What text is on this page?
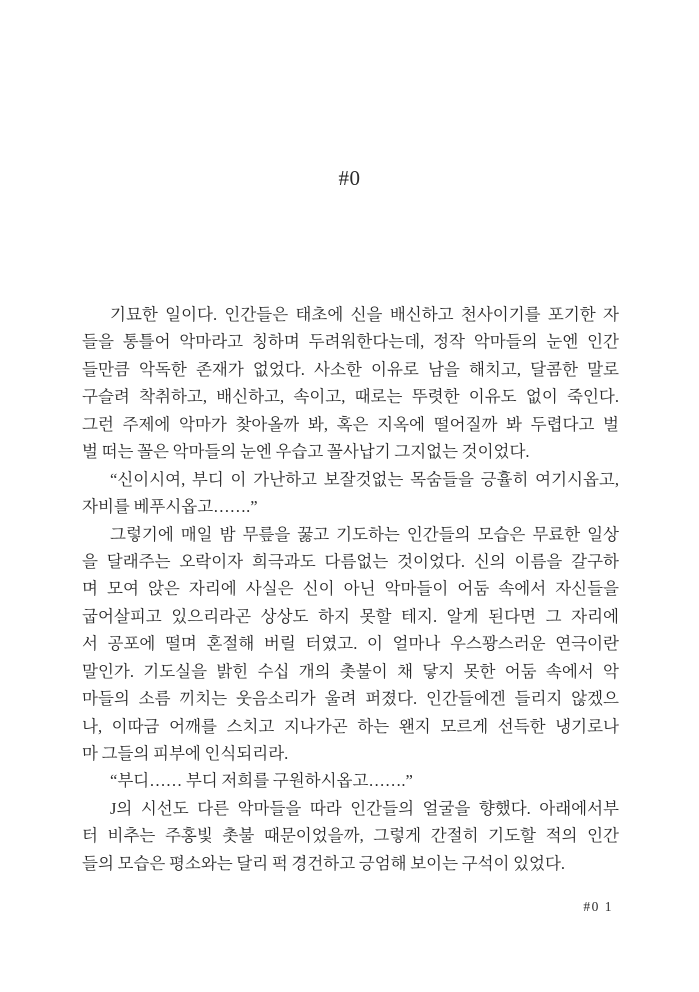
#0
기묘한 일이다. 인간들은 태초에 신을 배신하고 천사이기를 포기한 자
들을 통틀어 악마라고 칭하며 두려워한다는데, 정작 악마들의 눈엔 인간
들만큼 악독한 존재가 없었다. 사소한 이유로 남을 해치고, 달콤한 말로
구슬려 착취하고, 배신하고, 속이고, 때로는 뚜렷한 이유도 없이 죽인다.
그런 주제에 악마가 찾아올까 봐, 혹은 지옥에 떨어질까 봐 두렵다고 벌
벌 떠는 꼴은 악마들의 눈엔 우습고 꼴사납기 그지없는 것이었다.
“신이시여, 부디 이 가난하고 보잘것없는 목숨들을 긍휼히 여기시옵고,
자비를 베푸시옵고…….”
그렇기에 매일 밤 무릎을 꿇고 기도하는 인간들의 모습은 무료한 일상
을 달래주는 오락이자 희극과도 다름없는 것이었다. 신의 이름을 갈구하
며 모여 앉은 자리에 사실은 신이 아닌 악마들이 어둠 속에서 자신들을
굽어살피고 있으리라곤 상상도 하지 못할 테지. 알게 된다면 그 자리에
서 공포에 떨며 혼절해 버릴 터였고. 이 얼마나 우스꽝스러운 연극이란
말인가. 기도실을 밝힌 수십 개의 촛불이 채 닿지 못한 어둠 속에서 악
마들의 소름 끼치는 웃음소리가 울려 퍼졌다. 인간들에겐 들리지 않겠으
나, 이따금 어깨를 스치고 지나가곤 하는 왠지 모르게 선득한 냉기로나
마 그들의 피부에 인식되리라.
“부디…… 부디 저희를 구원하시옵고…….”
J의 시선도 다른 악마들을 따라 인간들의 얼굴을 향했다. 아래에서부
터 비추는 주홍빛 촛불 때문이었을까, 그렇게 간절히 기도할 적의 인간
들의 모습은 평소와는 달리 퍽 경건하고 긍엄해 보이는 구석이 있었다.
#0 1
